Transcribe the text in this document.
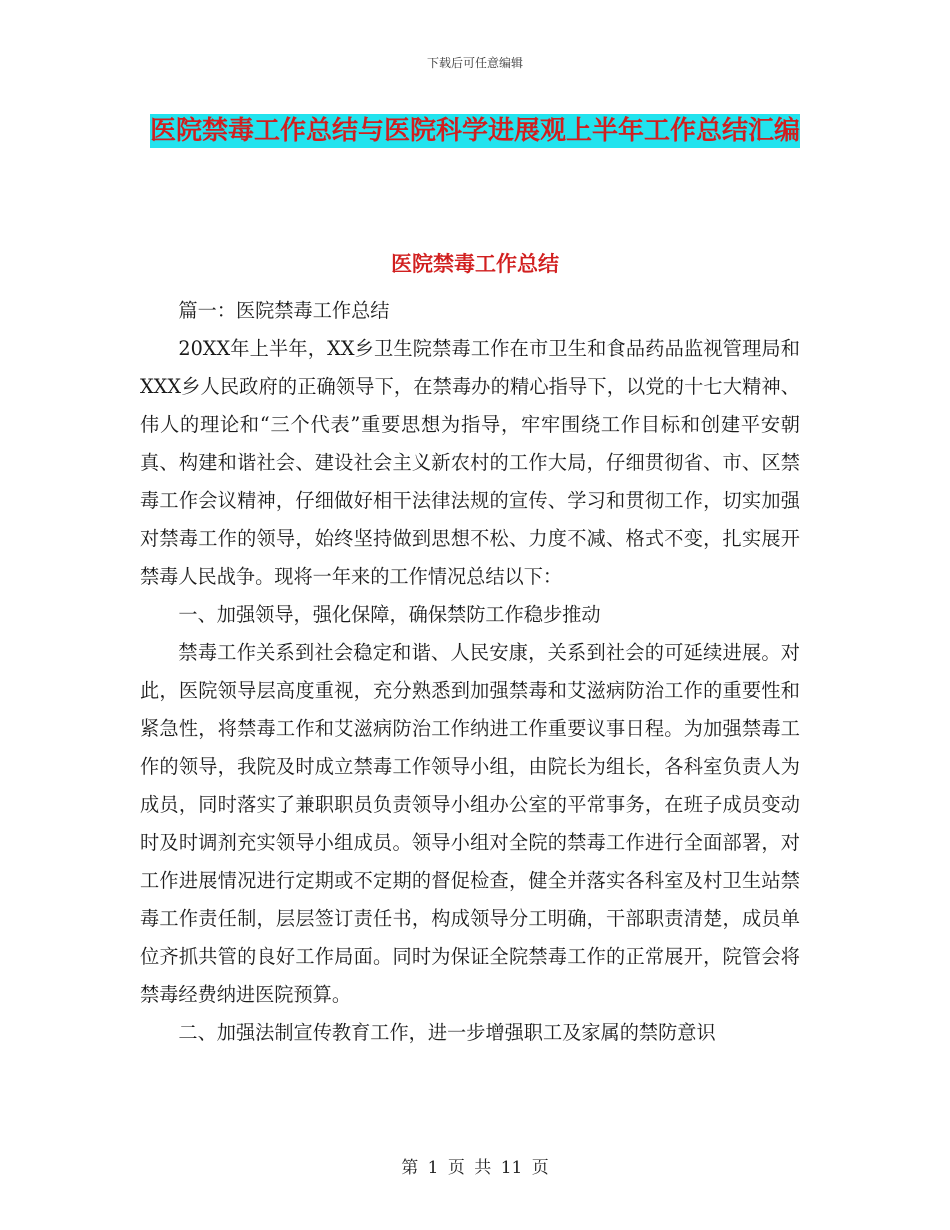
下载后可任意编辑
医院禁毒工作总结与医院科学进展观上半年工作总结汇编
医院禁毒工作总结

篇一：医院禁毒工作总结

20XX年上半年，XX乡卫生院禁毒工作在市卫生和食品药品监视管理局和XXX乡人民政府的正确领导下，在禁毒办的精心指导下，以党的十七大精神、伟人的理论和“三个代表”重要思想为指导，牢牢围绕工作目标和创建平安朝真、构建和谐社会、建设社会主义新农村的工作大局，仔细贯彻省、市、区禁毒工作会议精神，仔细做好相干法律法规的宣传、学习和贯彻工作，切实加强对禁毒工作的领导，始终坚持做到思想不松、力度不减、格式不变，扎实展开禁毒人民战争。现将一年来的工作情况总结以下：

一、加强领导，强化保障，确保禁防工作稳步推动

禁毒工作关系到社会稳定和谐、人民安康，关系到社会的可延续进展。对此，医院领导层高度重视，充分熟悉到加强禁毒和艾滋病防治工作的重要性和紧急性，将禁毒工作和艾滋病防治工作纳进工作重要议事日程。为加强禁毒工作的领导，我院及时成立禁毒工作领导小组，由院长为组长，各科室负责人为成员，同时落实了兼职职员负责领导小组办公室的平常事务，在班子成员变动时及时调剂充实领导小组成员。领导小组对全院的禁毒工作进行全面部署，对工作进展情况进行定期或不定期的督促检查，健全并落实各科室及村卫生站禁毒工作责任制，层层签订责任书，构成领导分工明确，干部职责清楚，成员单位齐抓共管的良好工作局面。同时为保证全院禁毒工作的正常展开，院管会将禁毒经费纳进医院预算。

二、加强法制宣传教育工作，进一步增强职工及家属的禁防意识

第 1 页 共 11 页
